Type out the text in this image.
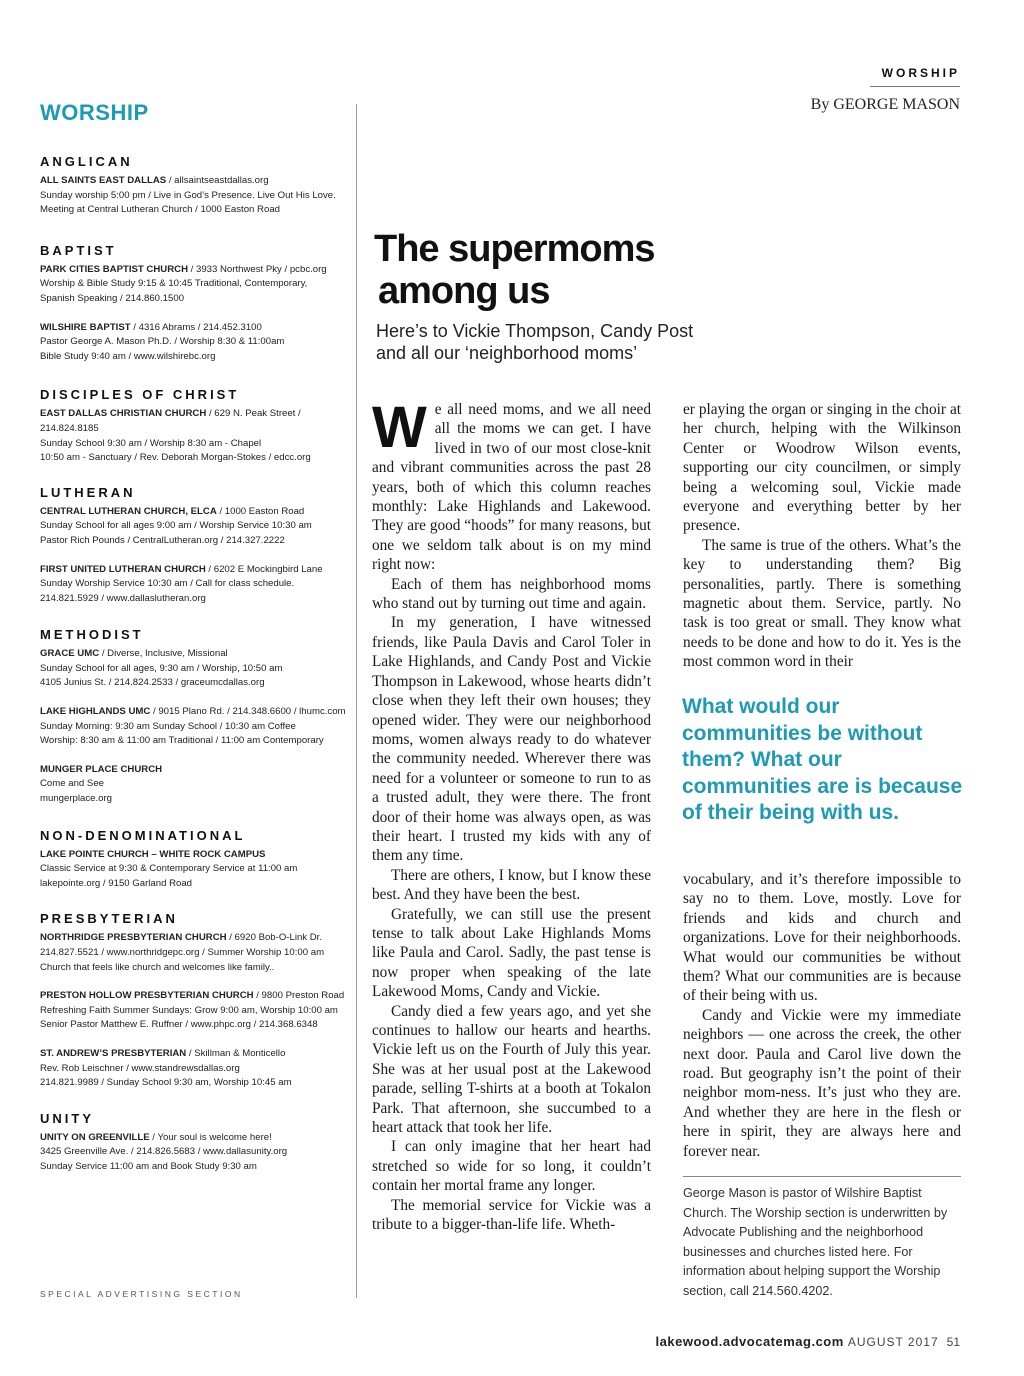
WORSHIP
ANGLICAN
ALL SAINTS EAST DALLAS / allsaintseastdallas.org
Sunday worship 5:00 pm / Live in God’s Presence. Live Out His Love.
Meeting at Central Lutheran Church / 1000 Easton Road
BAPTIST
PARK CITIES BAPTIST CHURCH / 3933 Northwest Pky / pcbc.org
Worship & Bible Study 9:15 & 10:45 Traditional, Contemporary,
Spanish Speaking / 214.860.1500
WILSHIRE BAPTIST / 4316 Abrams / 214.452.3100
Pastor George A. Mason Ph.D. / Worship 8:30 & 11:00am
Bible Study 9:40 am / www.wilshirebc.org
DISCIPLES OF CHRIST
EAST DALLAS CHRISTIAN CHURCH / 629 N. Peak Street / 214.824.8185
Sunday School 9:30 am / Worship 8:30 am - Chapel
10:50 am - Sanctuary / Rev. Deborah Morgan-Stokes / edcc.org
LUTHERAN
CENTRAL LUTHERAN CHURCH, ELCA / 1000 Easton Road
Sunday School for all ages 9:00 am / Worship Service 10:30 am
Pastor Rich Pounds / CentralLutheran.org / 214.327.2222
FIRST UNITED LUTHERAN CHURCH / 6202 E Mockingbird Lane
Sunday Worship Service 10:30 am / Call for class schedule.
214.821.5929 / www.dallaslutheran.org
METHODIST
GRACE UMC / Diverse, Inclusive, Missional
Sunday School for all ages, 9:30 am / Worship, 10:50 am
4105 Junius St. / 214.824.2533 / graceumcdallas.org
LAKE HIGHLANDS UMC / 9015 Plano Rd. / 214.348.6600 / lhumc.com
Sunday Morning: 9:30 am Sunday School / 10:30 am Coffee
Worship: 8:30 am & 11:00 am Traditional / 11:00 am Contemporary
MUNGER PLACE CHURCH
Come and See
mungerplace.org
NON-DENOMINATIONAL
LAKE POINTE CHURCH – WHITE ROCK CAMPUS
Classic Service at 9:30 & Contemporary Service at 11:00 am
lakepointe.org / 9150 Garland Road
PRESBYTERIAN
NORTHRIDGE PRESBYTERIAN CHURCH / 6920 Bob-O-Link Dr.
214.827.5521 / www.northridgepc.org / Summer Worship 10:00 am
Church that feels like church and welcomes like family..
PRESTON HOLLOW PRESBYTERIAN CHURCH / 9800 Preston Road
Refreshing Faith Summer Sundays: Grow 9:00 am, Worship 10:00 am
Senior Pastor Matthew E. Ruffner / www.phpc.org / 214.368.6348
ST. ANDREW’S PRESBYTERIAN / Skillman & Monticello
Rev. Rob Leischner / www.standrewsdallas.org
214.821.9989 / Sunday School 9:30 am, Worship 10:45 am
UNITY
UNITY ON GREENVILLE / Your soul is welcome here!
3425 Greenville Ave. / 214.826.5683 / www.dallasunity.org
Sunday Service 11:00 am and Book Study 9:30 am
SPECIAL ADVERTISING SECTION
WORSHIP
By GEORGE MASON
The supermoms
among us
Here’s to Vickie Thompson, Candy Post
and all our ‘neighborhood moms’

We all need moms, and we all need all the moms we can get. I have lived in two of our most close-knit and vibrant communities across the past 28 years, both of which this column reaches monthly: Lake Highlands and Lakewood. They are good “hoods” for many reasons, but one we seldom talk about is on my mind right now:

Each of them has neighborhood moms who stand out by turning out time and again.

In my generation, I have witnessed friends, like Paula Davis and Carol Toler in Lake Highlands, and Candy Post and Vickie Thompson in Lakewood, whose hearts didn’t close when they left their own houses; they opened wider. They were our neighborhood moms, women always ready to do whatever the community needed. Wherever there was need for a volunteer or someone to run to as a trusted adult, they were there. The front door of their home was always open, as was their heart. I trusted my kids with any of them any time.

There are others, I know, but I know these best. And they have been the best.

Gratefully, we can still use the present tense to talk about Lake Highlands Moms like Paula and Carol. Sadly, the past tense is now proper when speaking of the late Lakewood Moms, Candy and Vickie.

Candy died a few years ago, and yet she continues to hallow our hearts and hearths. Vickie left us on the Fourth of July this year. She was at her usual post at the Lakewood parade, selling T-shirts at a booth at Tokalon Park. That afternoon, she succumbed to a heart attack that took her life.

I can only imagine that her heart had stretched so wide for so long, it couldn’t contain her mortal frame any longer.

The memorial service for Vickie was a tribute to a bigger-than-life life. Wheth-

er playing the organ or singing in the choir at her church, helping with the Wilkinson Center or Woodrow Wilson events, supporting our city councilmen, or simply being a welcoming soul, Vickie made everyone and everything better by her presence.

The same is true of the others. What’s the key to understanding them? Big personalities, partly. There is something magnetic about them. Service, partly. No task is too great or small. They know what needs to be done and how to do it. Yes is the most common word in their

What would our communities be without them? What our communities are is because of their being with us.

vocabulary, and it’s therefore impossible to say no to them. Love, mostly. Love for friends and kids and church and organizations. Love for their neighborhoods. What would our communities be without them? What our communities are is because of their being with us.

Candy and Vickie were my immediate neighbors — one across the creek, the other next door. Paula and Carol live down the road. But geography isn’t the point of their neighbor mom-ness. It’s just who they are. And whether they are here in the flesh or here in spirit, they are always here and forever near.

George Mason is pastor of Wilshire Baptist Church. The Worship section is underwritten by Advocate Publishing and the neighborhood businesses and churches listed here. For information about helping support the Worship section, call 214.560.4202.
lakewood.advocatemag.com AUGUST 2017 51
